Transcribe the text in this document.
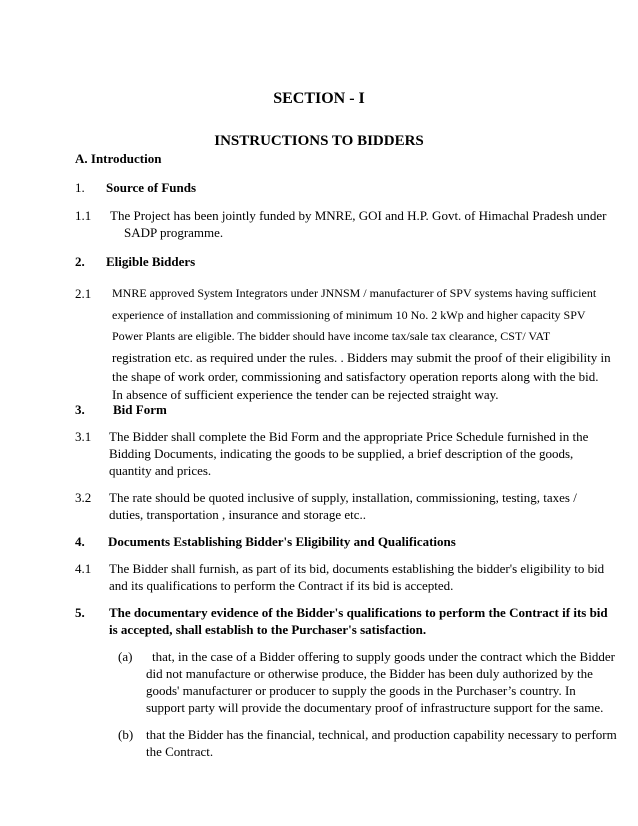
SECTION - I

INSTRUCTIONS TO BIDDERS

A. Introduction

1. Source of Funds

1.1 The Project has been jointly funded by MNRE, GOI and H.P. Govt. of Himachal Pradesh under

SADP programme.

2. Eligible Bidders

2.1 MNRE approved System Integrators under JNNSM / manufacturer of SPV systems having sufficient

experience of installation and commissioning of minimum 10 No. 2 kWp and higher capacity SPV

Power Plants are eligible. The bidder should have income tax/sale tax clearance, CST/ VAT

registration etc. as required under the rules. . Bidders may submit the proof of their eligibility in

the shape of work order, commissioning and satisfactory operation reports along with the bid.

In absence of sufficient experience the tender can be rejected straight way.

3. Bid Form

3.1 The Bidder shall complete the Bid Form and the appropriate Price Schedule furnished in the

Bidding Documents, indicating the goods to be supplied, a brief description of the goods,

quantity and prices.

3.2 The rate should be quoted inclusive of supply, installation, commissioning, testing, taxes /

duties, transportation , insurance and storage etc..

4. Documents Establishing Bidder's Eligibility and Qualifications

4.1 The Bidder shall furnish, as part of its bid, documents establishing the bidder's eligibility to bid

and its qualifications to perform the Contract if its bid is accepted.

5. The documentary evidence of the Bidder's qualifications to perform the Contract if its bid

is accepted, shall establish to the Purchaser's satisfaction.

(a) that, in the case of a Bidder offering to supply goods under the contract which the Bidder

did not manufacture or otherwise produce, the Bidder has been duly authorized by the

goods' manufacturer or producer to supply the goods in the Purchaser’s country. In

support party will provide the documentary proof of infrastructure support for the same.

(b) that the Bidder has the financial, technical, and production capability necessary to perform

the Contract.
